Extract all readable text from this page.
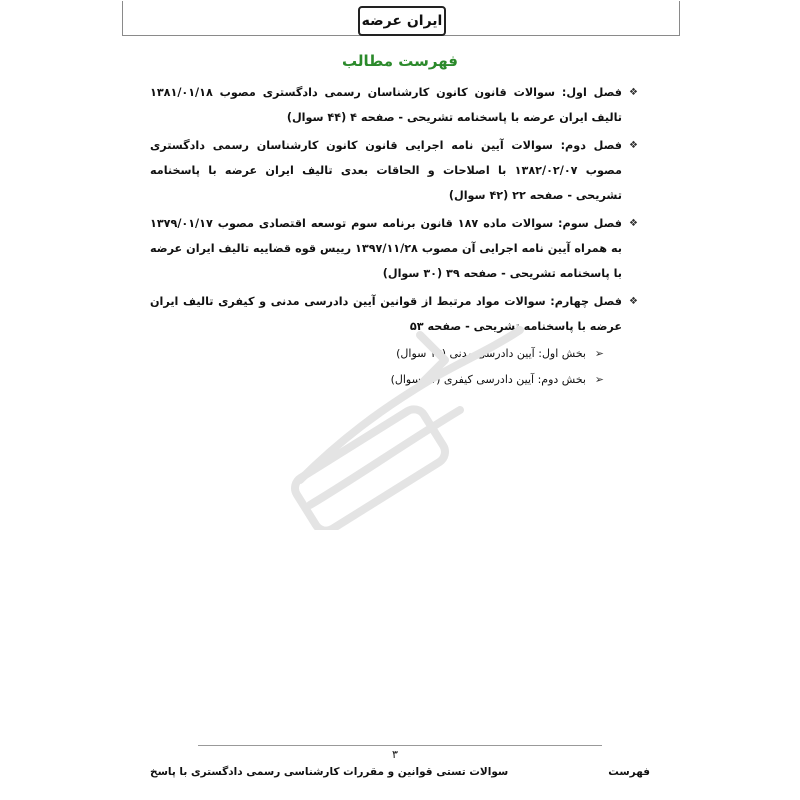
ایران عرضه
فهرست مطالب
❖
فصل اول: سوالات قانون کانون کارشناسان رسمی دادگستری مصوب ۱۳۸۱/۰۱/۱۸ تالیف ایران عرضه با پاسخنامه تشریحی - صفحه ۴ (۴۴ سوال)
❖
فصل دوم: سوالات آیین نامه اجرایی قانون کانون کارشناسان رسمی دادگستری مصوب ۱۳۸۲/۰۲/۰۷ با اصلاحات و الحاقات بعدی تالیف ایران عرضه با پاسخنامه تشریحی - صفحه ۲۲ (۴۲ سوال)
❖
فصل سوم: سوالات ماده ۱۸۷ قانون برنامه سوم توسعه اقتصادی مصوب ۱۳۷۹/۰۱/۱۷ به همراه آیین نامه اجرایی آن مصوب ۱۳۹۷/۱۱/۲۸ رییس قوه قضاییه تالیف ایران عرضه با پاسخنامه تشریحی - صفحه ۳۹ (۳۰ سوال)
❖
فصل چهارم: سوالات مواد مرتبط از قوانین آیین دادرسی مدنی و کیفری تالیف ایران عرضه با پاسخنامه تشریحی - صفحه ۵۳
➢
بخش اول: آیین دادرسی مدنی (۱۲ سوال)
➢
بخش دوم: آیین دادرسی کیفری (۱۱ سوال)
۳
سوالات تستی قوانین و مقررات کارشناسی رسمی دادگستری با پاسخ	فهرست
